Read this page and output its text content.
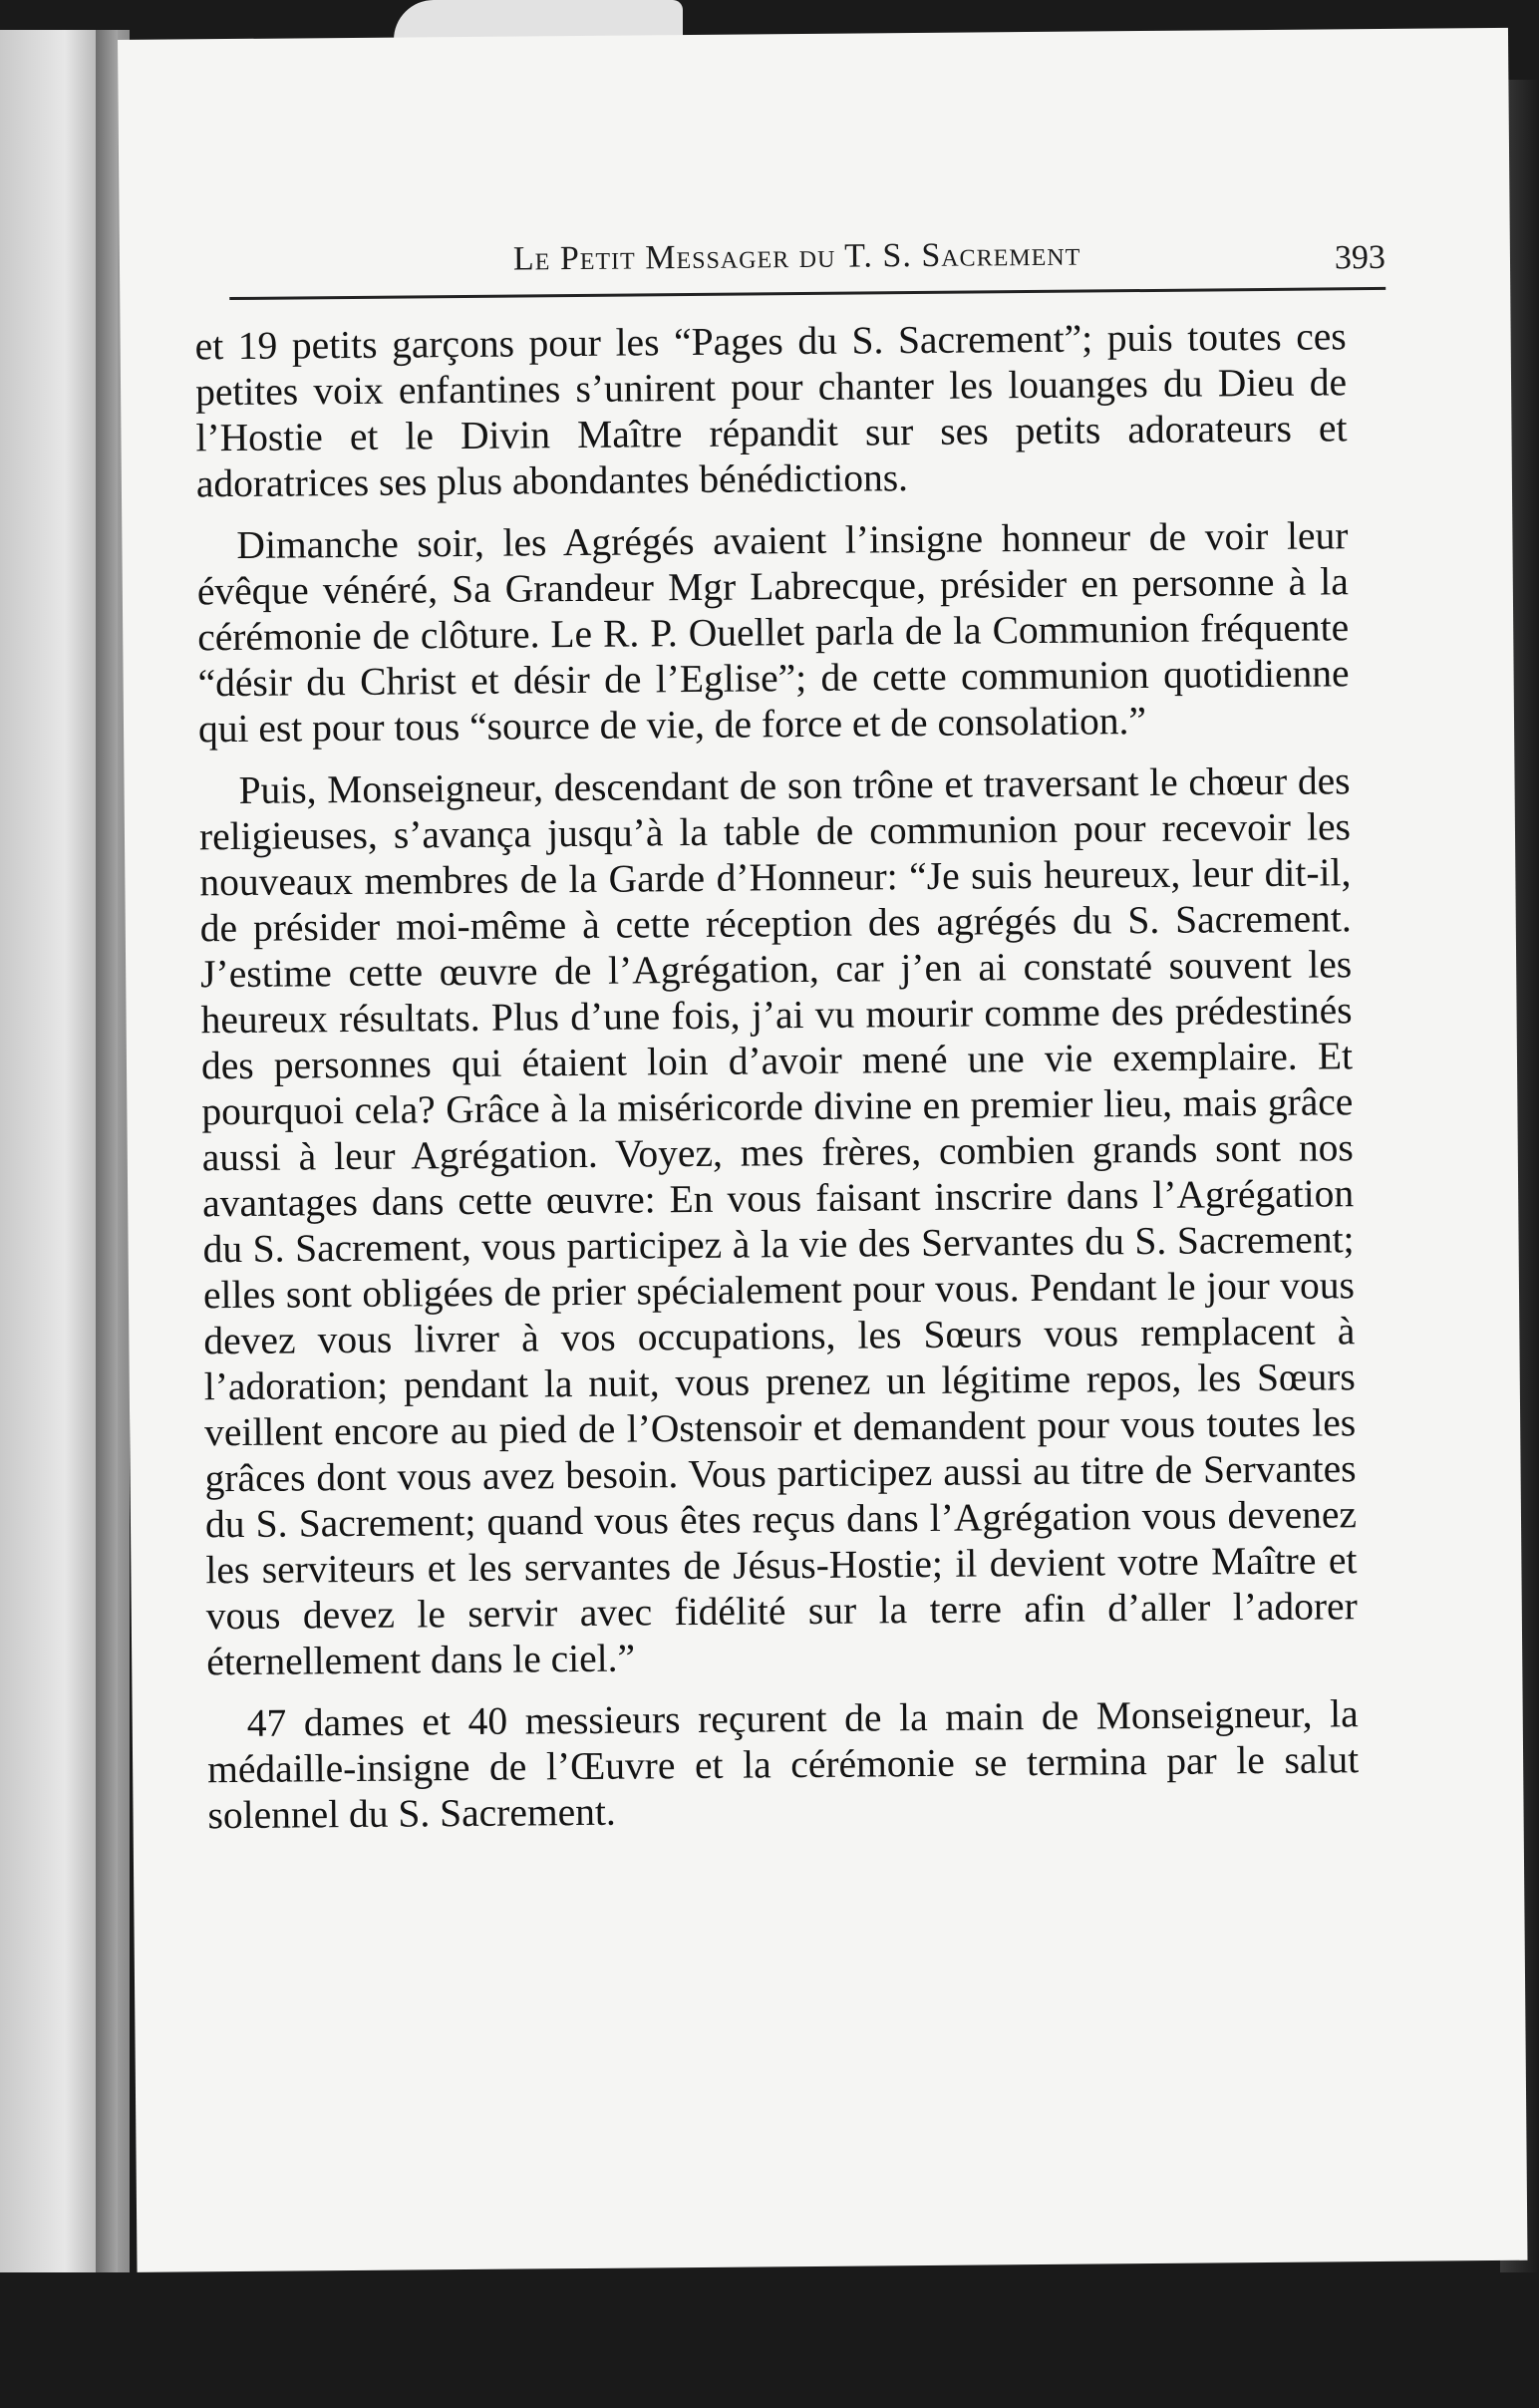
Le Petit Messager du T. S. Sacrement	393

et 19 petits garçons pour les “Pages du S. Sacrement”; puis toutes ces petites voix enfantines s’unirent pour chanter les louanges du Dieu de l’Hostie et le Divin Maître répandit sur ses petits adorateurs et adoratrices ses plus abondantes bénédictions.

Dimanche soir, les Agrégés avaient l’insigne honneur de voir leur évêque vénéré, Sa Grandeur Mgr Labrecque, présider en personne à la cérémonie de clôture. Le R. P. Ouellet parla de la Communion fréquente “désir du Christ et désir de l’Eglise”; de cette communion quotidienne qui est pour tous “source de vie, de force et de consolation.”

Puis, Monseigneur, descendant de son trône et traversant le chœur des religieuses, s’avança jusqu’à la table de communion pour recevoir les nouveaux membres de la Garde d’Honneur: “Je suis heureux, leur dit-il, de présider moi-même à cette réception des agrégés du S. Sacrement. J’estime cette œuvre de l’Agrégation, car j’en ai constaté souvent les heureux résultats. Plus d’une fois, j’ai vu mourir comme des prédestinés des personnes qui étaient loin d’avoir mené une vie exemplaire. Et pourquoi cela? Grâce à la miséricorde divine en premier lieu, mais grâce aussi à leur Agrégation. Voyez, mes frères, combien grands sont nos avantages dans cette œuvre: En vous faisant inscrire dans l’Agrégation du S. Sacrement, vous participez à la vie des Servantes du S. Sacrement; elles sont obligées de prier spécialement pour vous. Pendant le jour vous devez vous livrer à vos occupations, les Sœurs vous remplacent à l’adoration; pendant la nuit, vous prenez un légitime repos, les Sœurs veillent encore au pied de l’Ostensoir et demandent pour vous toutes les grâces dont vous avez besoin. Vous participez aussi au titre de Servantes du S. Sacrement; quand vous êtes reçus dans l’Agrégation vous devenez les serviteurs et les servantes de Jésus-Hostie; il devient votre Maître et vous devez le servir avec fidélité sur la terre afin d’aller l’adorer éternellement dans le ciel.”

47 dames et 40 messieurs reçurent de la main de Monseigneur, la médaille-insigne de l’Œuvre et la cérémonie se termina par le salut solennel du S. Sacrement.
